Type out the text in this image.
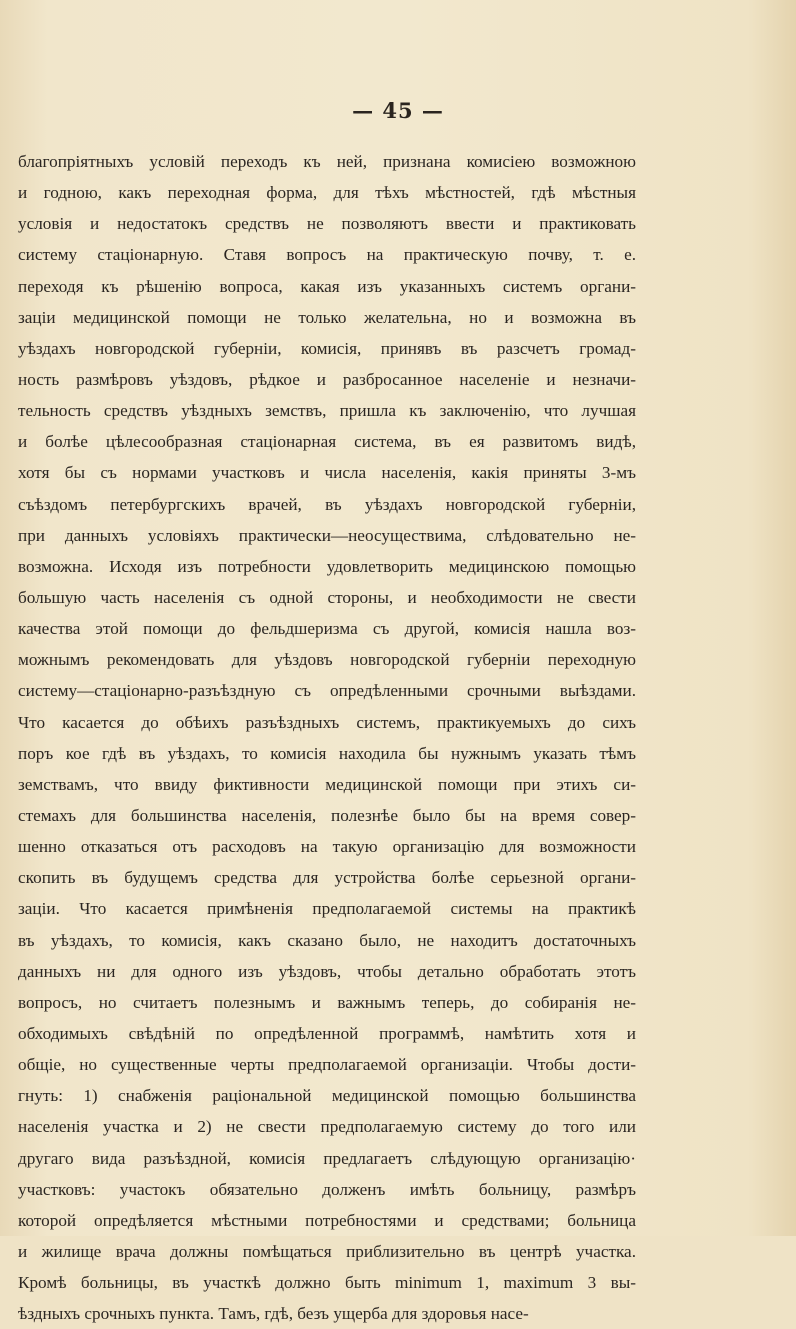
— 45 —
благопріятныхъ условій переходъ къ ней, признана комисіею возможною
и годною, какъ переходная форма, для тѣхъ мѣстностей, гдѣ мѣстныя
условія и недостатокъ средствъ не позволяютъ ввести и практиковать
систему стаціонарную. Ставя вопросъ на практическую почву, т. е.
переходя къ рѣшенію вопроса, какая изъ указанныхъ системъ органи-
заціи медицинской помощи не только желательна, но и возможна въ
уѣздахъ новгородской губерніи, комисія, принявъ въ разсчетъ громад-
ность размѣровъ уѣздовъ, рѣдкое и разбросанное населеніе и незначи-
тельность средствъ уѣздныхъ земствъ, пришла къ заключенію, что лучшая
и болѣе цѣлесообразная стаціонарная система, въ ея развитомъ видѣ,
хотя бы съ нормами участковъ и числа населенія, какія приняты 3-мъ
съѣздомъ петербургскихъ врачей, въ уѣздахъ новгородской губерніи,
при данныхъ условіяхъ практически—неосуществима, слѣдовательно не-
возможна. Исходя изъ потребности удовлетворить медицинскою помощью
большую часть населенія съ одной стороны, и необходимости не свести
качества этой помощи до фельдшеризма съ другой, комисія нашла воз-
можнымъ рекомендовать для уѣздовъ новгородской губерніи переходную
систему—стаціонарно-разъѣздную съ опредѣленными срочными выѣздами.
Что касается до обѣихъ разъѣздныхъ системъ, практикуемыхъ до сихъ
поръ кое гдѣ въ уѣздахъ, то комисія находила бы нужнымъ указать тѣмъ
земствамъ, что ввиду фиктивности медицинской помощи при этихъ си-
стемахъ для большинства населенія, полезнѣе было бы на время совер-
шенно отказаться отъ расходовъ на такую организацію для возможности
скопить въ будущемъ средства для устройства болѣе серьезной органи-
заціи. Что касается примѣненія предполагаемой системы на практикѣ
въ уѣздахъ, то комисія, какъ сказано было, не находитъ достаточныхъ
данныхъ ни для одного изъ уѣздовъ, чтобы детально обработать этотъ
вопросъ, но считаетъ полезнымъ и важнымъ теперь, до собиранія не-
обходимыхъ свѣдѣній по опредѣленной программѣ, намѣтить хотя и
общіе, но существенные черты предполагаемой организаціи. Чтобы дости-
гнуть: 1) снабженія раціональной медицинской помощью большинства
населенія участка и 2) не свести предполагаемую систему до того или
другаго вида разъѣздной, комисія предлагаетъ слѣдующую организацію·
участковъ: участокъ обязательно долженъ имѣть больницу, размѣръ
которой опредѣляется мѣстными потребностями и средствами; больница
и жилище врача должны помѣщаться приблизительно въ центрѣ участка.
Кромѣ больницы, въ участкѣ должно быть minimum 1, maximum 3 вы-
ѣздныхъ срочныхъ пункта. Тамъ, гдѣ, безъ ущерба для здоровья насе-
